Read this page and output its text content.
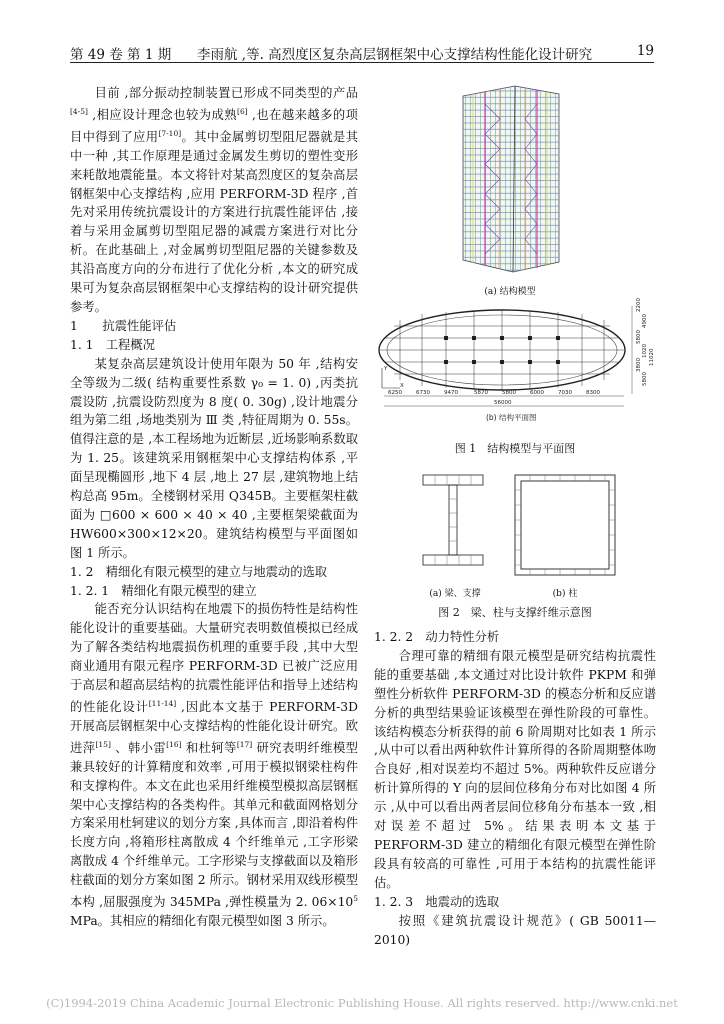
第 49 卷 第 1 期 李雨航 ,等. 高烈度区复杂高层钢框架中心支撑结构性能化设计研究	19

目前 ,部分振动控制装置已形成不同类型的产品[4-5] ,相应设计理念也较为成熟[6] ,也在越来越多的项目中得到了应用[7-10]。其中金属剪切型阻尼器就是其中一种 ,其工作原理是通过金属发生剪切的塑性变形来耗散地震能量。本文将针对某高烈度区的复杂高层钢框架中心支撑结构 ,应用 PERFORM-3D 程序 ,首先对采用传统抗震设计的方案进行抗震性能评估 ,接着与采用金属剪切型阻尼器的减震方案进行对比分析。在此基础上 ,对金属剪切型阻尼器的关键参数及其沿高度方向的分布进行了优化分析 ,本文的研究成果可为复杂高层钢框架中心支撑结构的设计研究提供参考。

1　　抗震性能评估

1. 1　工程概况

某复杂高层建筑设计使用年限为 50 年 ,结构安全等级为二级( 结构重要性系数 γ₀ = 1. 0) ,丙类抗震设防 ,抗震设防烈度为 8 度( 0. 30g) ,设计地震分组为第二组 ,场地类别为 Ⅲ 类 ,特征周期为 0. 55s。值得注意的是 ,本工程场地为近断层 ,近场影响系数取为 1. 25。该建筑采用钢框架中心支撑结构体系 ,平面呈现椭圆形 ,地下 4 层 ,地上 27 层 ,建筑物地上结构总高 95m。全楼钢材采用 Q345B。主要框架柱截面为 □600 × 600 × 40 × 40 ,主要框架梁截面为 HW600×300×12×20。建筑结构模型与平面图如图 1 所示。

1. 2　精细化有限元模型的建立与地震动的选取

1. 2. 1　精细化有限元模型的建立

能否充分认识结构在地震下的损伤特性是结构性能化设计的重要基础。大量研究表明数值模拟已经成为了解各类结构地震损伤机理的重要手段 ,其中大型商业通用有限元程序 PERFORM-3D 已被广泛应用于高层和超高层结构的抗震性能评估和指导上述结构的性能化设计[11-14] ,因此本文基于 PERFORM-3D 开展高层钢框架中心支撑结构的性能化设计研究。欧进萍[15] 、韩小雷[16] 和杜轲等[17] 研究表明纤维模型兼具较好的计算精度和效率 ,可用于模拟钢梁柱构件和支撑构件。本文在此也采用纤维模型模拟高层钢框架中心支撑结构的各类构件。其单元和截面网格划分方案采用杜轲建议的划分方案 ,具体而言 ,即沿着构件长度方向 ,将箱形柱离散成 4 个纤维单元 ,工字形梁离散成 4 个纤维单元。工字形梁与支撑截面以及箱形柱截面的划分方案如图 2 所示。钢材采用双线形模型本构 ,屈服强度为 345MPa ,弹性模量为 2. $06\times 10^5$ MPa。其相应的精细化有限元模型如图 3 所示。

(a) 结构模型
Y
X
6250	6730	9470	5870	5800	6000	7030	8300
56000
2200
4900
5800
1020
3800
5800
11020
(b) 结构平面图
图 1　结构模型与平面图
(a) 梁、支撑	(b) 柱
图 2　梁、柱与支撑纤维示意图

1. 2. 2　动力特性分析

合理可靠的精细有限元模型是研究结构抗震性能的重要基础 ,本文通过对比设计软件 PKPM 和弹塑性分析软件 PERFORM-3D 的模态分析和反应谱分析的典型结果验证该模型在弹性阶段的可靠性。该结构模态分析获得的前 6 阶周期对比如表 1 所示 ,从中可以看出两种软件计算所得的各阶周期整体吻合良好 ,相对误差均不超过 5%。两种软件反应谱分析计算所得的 Y 向的层间位移角分布对比如图 4 所示 ,从中可以看出两者层间位移角分布基本一致 ,相对误差不超过 5%。结果表明本文基于 PERFORM-3D 建立的精细化有限元模型在弹性阶段具有较高的可靠性 ,可用于本结构的抗震性能评估。

1. 2. 3　地震动的选取

按照《建筑抗震设计规范》( GB 50011—2010)

(C)1994-2019 China Academic Journal Electronic Publishing House. All rights reserved. http://www.cnki.net
